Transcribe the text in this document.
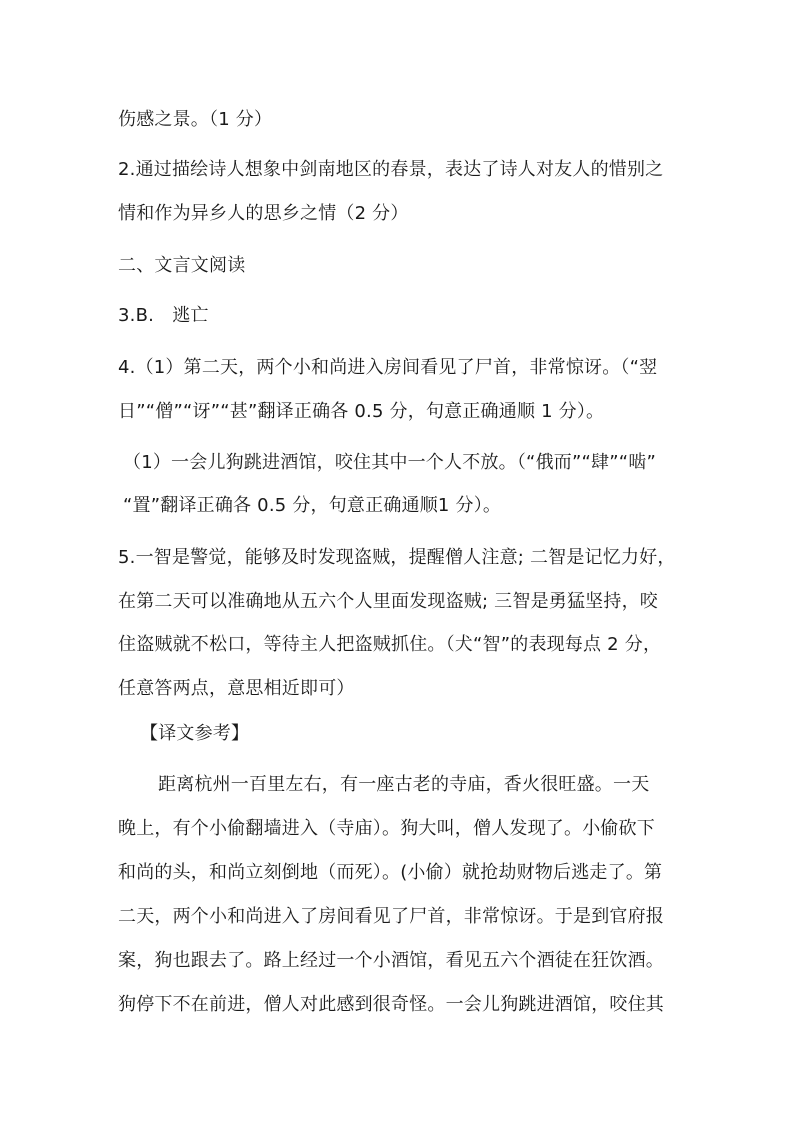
伤感之景。（1 分）
2.通过描绘诗人想象中剑南地区的春景，表达了诗人对友人的惜别之
情和作为异乡人的思乡之情（2 分）
二、文言文阅读
3.B.　逃亡
4.（1）第二天，两个小和尚进入房间看见了尸首，非常惊讶。（“翌
日”“僧”“讶”“甚”翻译正确各 0.5 分，句意正确通顺 1 分）。
（1）一会儿狗跳进酒馆，咬住其中一个人不放。（“俄而”“肆”“啮”
“置”翻译正确各 0.5 分，句意正确通顺1 分）。
5.一智是警觉，能够及时发现盗贼，提醒僧人注意; 二智是记忆力好，
在第二天可以准确地从五六个人里面发现盗贼; 三智是勇猛坚持，咬
住盗贼就不松口，等待主人把盗贼抓住。（犬“智”的表现每点 2 分，
任意答两点，意思相近即可）
【译文参考】
距离杭州一百里左右，有一座古老的寺庙，香火很旺盛。一天
晚上，有个小偷翻墙进入（寺庙）。狗大叫，僧人发现了。小偷砍下
和尚的头，和尚立刻倒地（而死）。(小偷）就抢劫财物后逃走了。第
二天，两个小和尚进入了房间看见了尸首，非常惊讶。于是到官府报
案，狗也跟去了。路上经过一个小酒馆，看见五六个酒徒在狂饮酒。
狗停下不在前进，僧人对此感到很奇怪。一会儿狗跳进酒馆，咬住其
